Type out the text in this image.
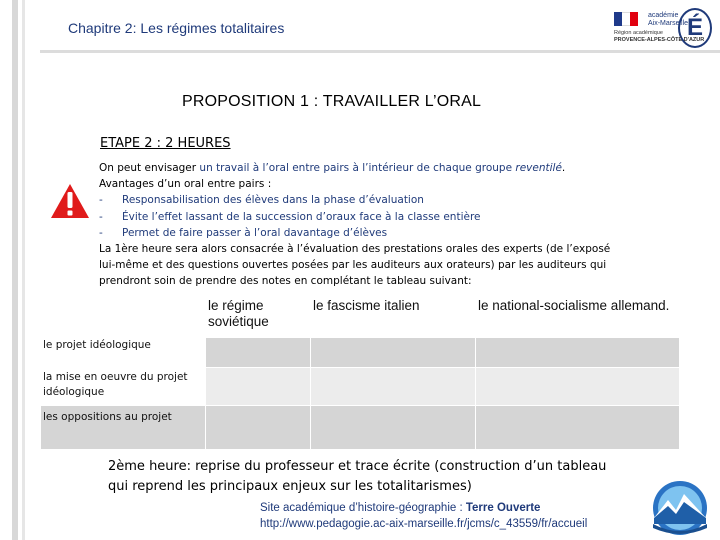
Chapitre 2: Les régimes totalitaires
académie
Aix-Marseille
É
Région académique
PROVENCE-ALPES-CÔTE D'AZUR
PROPOSITION 1 : TRAVAILLER L’ORAL
ETAPE 2 : 2 HEURES
On peut envisager un travail à l’oral entre pairs à l’intérieur de chaque groupe reventilé.
Avantages d’un oral entre pairs :
- Responsabilisation des élèves dans la phase d’évaluation
- Évite l’effet lassant de la succession d’oraux face à la classe entière
- Permet de faire passer à l’oral davantage d’élèves
La 1ère heure sera alors consacrée à l’évaluation des prestations orales des experts (de l’exposé
lui-même et des questions ouvertes posées par les auditeurs aux orateurs) par les auditeurs qui
prendront soin de prendre des notes en complétant le tableau suivant:
	le régime soviétique	le fascisme italien	le national-socialisme allemand.
le projet idéologique			
la mise en oeuvre du projet idéologique			
les oppositions au projet			
2ème heure: reprise du professeur et trace écrite (construction d’un tableau qui reprend les principaux enjeux sur les totalitarismes)
Site académique d’histoire-géographie : Terre Ouverte
http://www.pedagogie.ac-aix-marseille.fr/jcms/c_43559/fr/accueil
